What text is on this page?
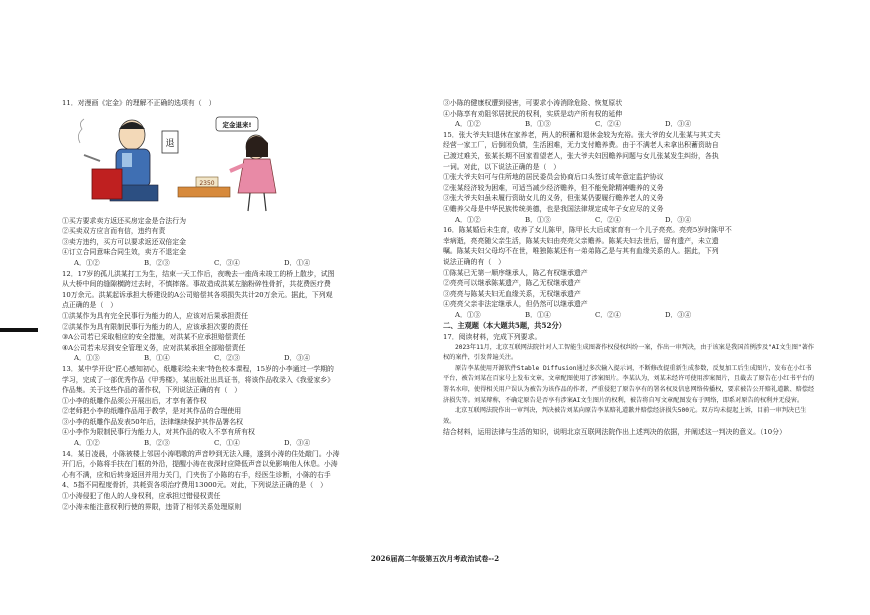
11．对漫画《定金》的理解不正确的选项有（　）

退
2350
定金退来!

①买方要求卖方返还买房定金是合法行为

②买卖双方应言而有信，违约有责

③卖方违约，买方可以要求返还双倍定金

④订立合同意味合同生效，卖方不退定金

A．①②	B．②③	C．③④	D．①④

12．17岁的孤儿洪某打工为生，结束一天工作后，夜晚去一座尚未竣工的桥上散步，试图

从大桥中间的缝隙横跨过去时，不慎摔落。事故造成洪某左脑粉碎性骨折，共花费医疗费

10万余元。洪某起诉承担大桥建设的A公司赔偿其各项损失共计20万余元。据此，下列观

点正确的是（　）

①洪某作为具有完全民事行为能力的人，应该对后果承担责任

②洪某作为具有限制民事行为能力的人，应该承担次要的责任

③A公司若已采取相应的安全措施，对洪某不应承担赔偿责任

④A公司若未尽到安全管理义务，应对洪某承担全部赔偿责任

A．①③	B．①④	C．②③	D．③④

13．某中学开设"匠心感知初心，纸雕彩绘未来"特色校本课程，15岁的小李通过一学期的

学习，完成了一部优秀作品《甲秀楼》，某出版社出具证书，将该作品收录入《我爱家乡》

作品集。关于这些作品的著作权，下列说法正确的有（　）

①小李的纸雕作品须公开展出后，才享有著作权

②老师把小李的纸雕作品用于教学，是对其作品的合理使用

③小李的纸雕作品发表50年后，法律继续保护其作品署名权

④小李作为限制民事行为能力人，对其作品的收入不享有所有权

A．①②	B．②③	C．①④	D．③④

14．某日凌晨，小陈被楼上邻居小涛唱歌的声音吵到无法入睡，遂到小涛的住处敲门。小涛

开门后，小陈将手扶在门框的外沿，提醒小涛在夜深时应降低声音以免影响他人休息。小涛

心有不满，应和后转身返回并用力关门，门夹伤了小陈的右手，经医生诊断，小陈的右手

4、5指不同程度骨折，共耗资各项治疗费用13000元。对此，下列说法正确的是（　）

①小涛侵犯了他人的人身权利，应承担过错侵权责任

②小涛未能注意权利行使的界限，违背了相邻关系处理原则

③小陈的健康权遭到侵害，可要求小涛消除危险、恢复原状

④小陈享有劝阻邻居扰民的权利，实质是动产所有权的延伸

A．①②	B．①③	C．②④	D．③④

15．张大爷夫妇退休在家养老，两人的积蓄和退休金较为充裕。张大爷的女儿张某与其丈夫

经营一家工厂，后倒闭负债，生活困难，无力支付赡养费。由于不满老人未拿出积蓄资助自

己渡过难关，张某长期不回家看望老人，张大爷夫妇因赡养问题与女儿张某发生纠纷，各执

一词。对此，以下说法正确的是（　）

①张大爷夫妇可与住所地的居民委员会协商后口头签订成年意定监护协议

②张某经济较为困难，可适当减少经济赡养，但不能免除精神赡养的义务

③张大爷夫妇虽未履行资助女儿的义务，但张某仍要履行赡养老人的义务

④赡养父母是中华民族传统美德，也是我国法律规定成年子女应尽的义务

A．①②	B．①③	C．②④	D．③④

16．陈某婚后未生育，收养了女儿陈甲，陈甲长大后成家育有一个儿子亮亮。亮亮5岁时陈甲不

幸病逝，亮亮随父亲生活，陈某夫妇由亮亮父亲赡养。陈某夫妇去世后，留有遗产，未立遗

嘱。陈某夫妇父母均不在世，唯独陈某还有一弟弟陈乙是与其有血缘关系的人。据此，下列

说法正确的有（　）

①陈某已无第一顺序继承人，陈乙有权继承遗产

②亮亮可以继承陈某遗产，陈乙无权继承遗产

③亮亮与陈某夫妇无血缘关系，无权继承遗产

④亮亮父亲非法定继承人，但仍然可以继承遗产

A．①③	B．①④	C．②④	D．③④

二、主观题（本大题共5题，共52分）

17．阅读材料，完成下列要求。

2023年11月，北京互联网法院针对人工智能生成图著作权侵权纠纷一案，作出一审判决，由于该案是我国首例涉及"AI文生图"著作权的案件，引发普遍关注。

原告李某使用开源软件Stable Diffusion通过多次输入提示词，不断修改提重新生成参数，反复加工后生成图片，发布在小红书平台，被告刘某在百家号上发布文章，文章配图使用了涉案图片。李某认为，刘某未经许可使用涉案图片，且截去了原告在小红书平台的署名水印，使得相关用户误认为被告为该作品的作者，严重侵犯了原告享有的署名权及信息网络传播权，要求被告公开赔礼道歉、赔偿经济损失等。刘某辩称，不确定原告是否享有涉案AI文生图片的权利，被告将自写文章配图发布于网络，即系对原告的权利并无侵害。

北京互联网法院作出一审判决，判决被告刘某向原告李某赔礼道歉并赔偿经济损失500元。双方均未提起上诉，目前一审判决已生效。

结合材料，运用法律与生活的知识，说明北京互联网法院作出上述判决的依据，并阐述这一判决的意义。（10分）

2026届高二年级第五次月考政治试卷--2
